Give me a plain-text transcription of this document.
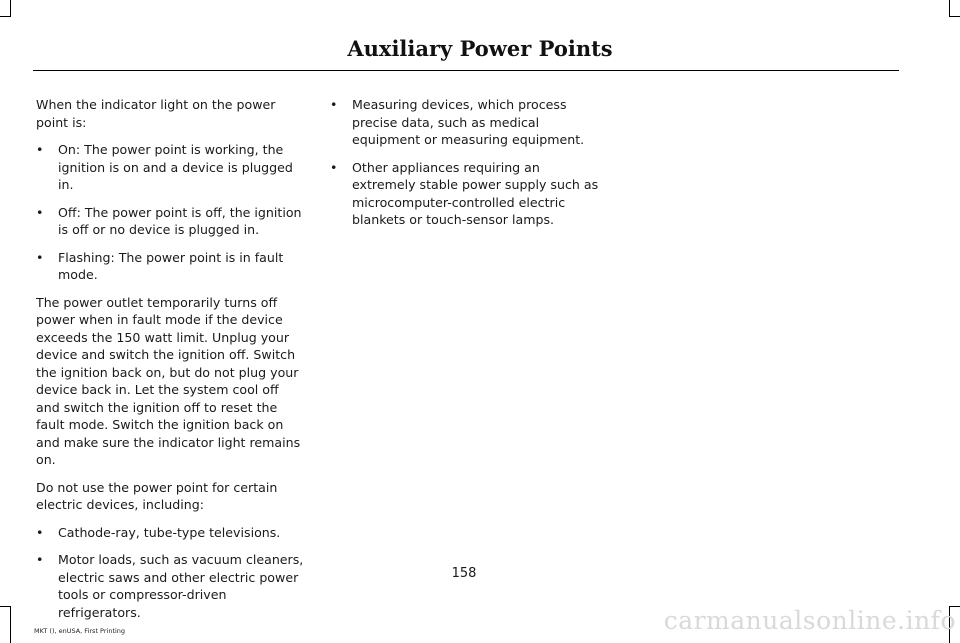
Auxiliary Power Points

When the indicator light on the power point is:

• On: The power point is working, the ignition is on and a device is plugged in.
• Off: The power point is off, the ignition is off or no device is plugged in.
• Flashing: The power point is in fault mode.

The power outlet temporarily turns off power when in fault mode if the device exceeds the 150 watt limit. Unplug your device and switch the ignition off. Switch the ignition back on, but do not plug your device back in. Let the system cool off and switch the ignition off to reset the fault mode. Switch the ignition back on and make sure the indicator light remains on.

Do not use the power point for certain electric devices, including:

• Cathode-ray, tube-type televisions.
• Motor loads, such as vacuum cleaners, electric saws and other electric power tools or compressor-driven refrigerators.
• Measuring devices, which process precise data, such as medical equipment or measuring equipment.
• Other appliances requiring an extremely stable power supply such as microcomputer-controlled electric blankets or touch-sensor lamps.
158
MKT (), enUSA, First Printing	carmanualsonline.info
